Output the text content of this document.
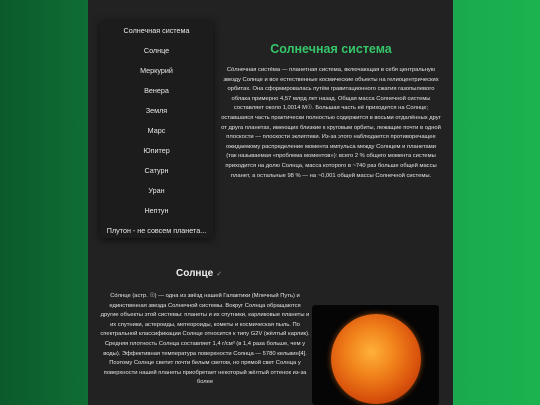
Солнечная система
Солнце
Меркурий
Венера
Земля
Марс
Юпитер
Сатурн
Уран
Нептун
Плутон - не совсем планета...
Солнечная система

Со́лнечная систе́ма — планетная система, включающая в себя центральную звезду Солнце и все естественные космические объекты на гелиоцентрических орбитах. Она сформировалась путём гравитационного сжатия газопылевого облака примерно 4,57 млрд лет назад. Общая масса Солнечной системы составляет около 1,0014 M☉. Большая часть её приходится на Солнце; оставшаяся часть практически полностью содержится в восьми отдалённых друг от друга планетах, имеющих близкие к круговым орбиты, лежащие почти в одной плоскости — плоскости эклиптики. Из-за этого наблюдается противоречащее ожидаемому распределение момента импульса между Солнцем и планетами (так называемая «проблема моментов»): всего 2 % общего момента системы приходится на долю Солнца, масса которого в ~740 раз больше общей массы планет, а остальные 98 % — на ~0,001 общей массы Солнечной системы.

Солнце ✓

Со́лнце (астр. ☉) — одна из звёзд нашей Галактики (Млечный Путь) и единственная звезда Солнечной системы. Вокруг Солнца обращаются другие объекты этой системы: планеты и их спутники, карликовые планеты и их спутники, астероиды, метеороиды, кометы и космическая пыль. По спектральной классификации Солнце относится к типу G2V (жёлтый карлик). Средняя плотность Солнца составляет 1,4 г/см³ (в 1,4 раза больше, чем у воды). Эффективная температура поверхности Солнца — 5780 кельвин[4]. Поэтому Солнце светит почти белым светом, но прямой свет Солнца у поверхности нашей планеты приобретает некоторый жёлтый оттенок из-за более
